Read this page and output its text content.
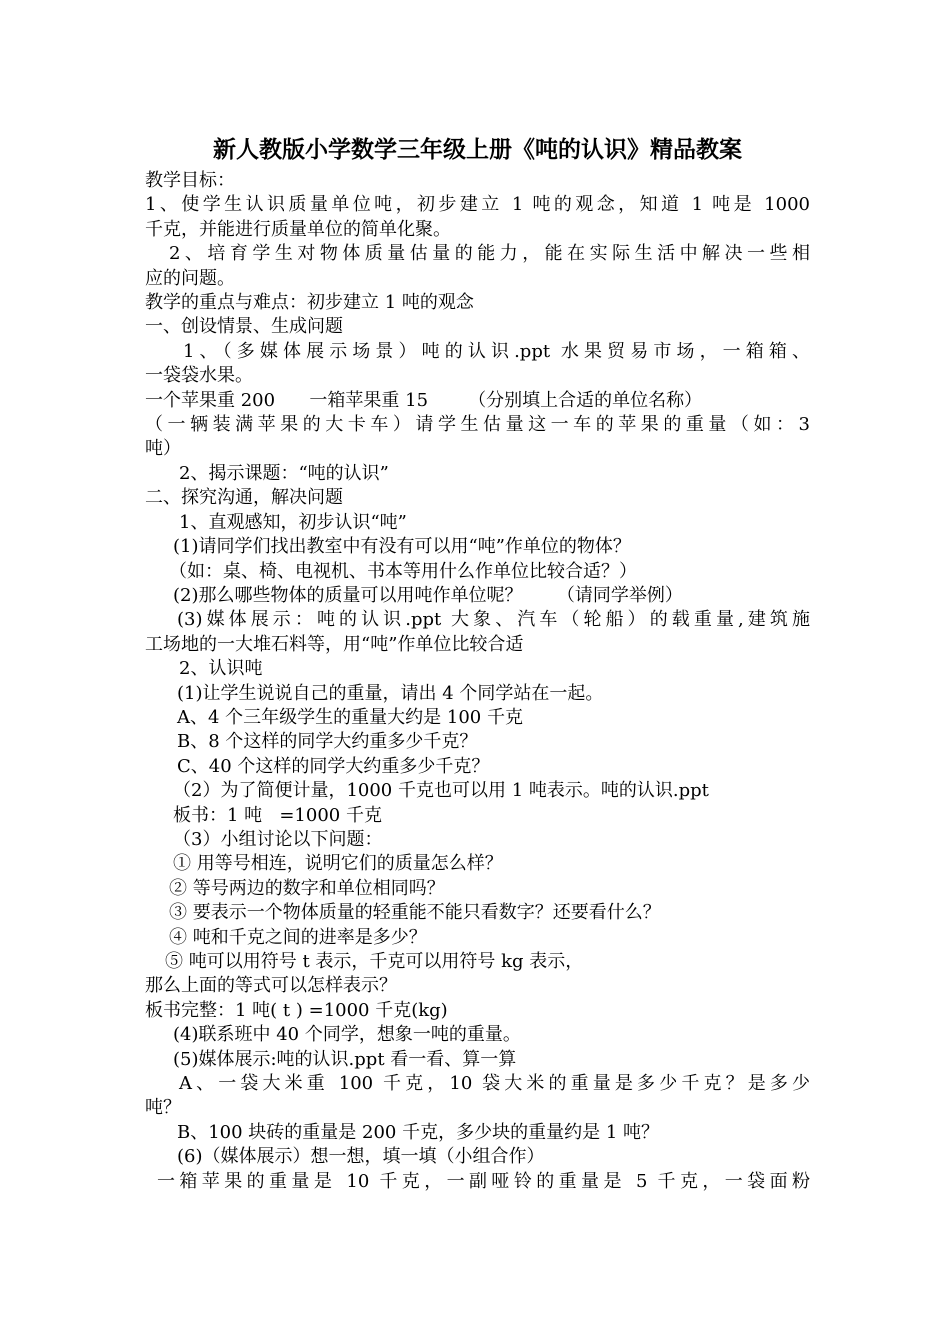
新人教版小学数学三年级上册《吨的认识》精品教案

教学目标：

1、使学生认识质量单位吨，初步建立 1 吨的观念，知道 1 吨是 1000

千克，并能进行质量单位的简单化聚。

2、培育学生对物体质量估量的能力，能在实际生活中解决一些相

应的问题。

教学的重点与难点：初步建立 1 吨的观念

一、创设情景、生成问题

1、（多媒体展示场景）吨的认识.ppt 水果贸易市场，一箱箱、

一袋袋水果。

一个苹果重 200      一箱苹果重 15       （分别填上合适的单位名称）

（一辆装满苹果的大卡车）请学生估量这一车的苹果的重量（如：3

吨）

2、揭示课题：“吨的认识”

二、探究沟通，解决问题

1、直观感知，初步认识“吨”

(1)请同学们找出教室中有没有可以用“吨”作单位的物体？

（如：桌、椅、电视机、书本等用什么作单位比较合适？）

(2)那么哪些物体的质量可以用吨作单位呢？      （请同学举例）

(3)媒体展示：吨的认识.ppt 大象、汽车（轮船）的载重量,建筑施

工场地的一大堆石料等，用“吨”作单位比较合适

2、认识吨

(1)让学生说说自己的重量，请出 4 个同学站在一起。

A、4 个三年级学生的重量大约是 100 千克

B、8 个这样的同学大约重多少千克？

C、40 个这样的同学大约重多少千克？

（2）为了简便计量，1000 千克也可以用 1 吨表示。吨的认识.ppt

板书：1 吨   =1000 千克

（3）小组讨论以下问题：

① 用等号相连，说明它们的质量怎么样？

② 等号两边的数字和单位相同吗？

③ 要表示一个物体质量的轻重能不能只看数字？还要看什么？

④ 吨和千克之间的进率是多少？

⑤ 吨可以用符号 t 表示，千克可以用符号 kg 表示，

那么上面的等式可以怎样表示？

板书完整：1 吨( t ) =1000 千克(kg)

(4)联系班中 40 个同学，想象一吨的重量。

(5)媒体展示:吨的认识.ppt 看一看、算一算

A、一袋大米重 100 千克，10 袋大米的重量是多少千克？是多少

吨？

B、100 块砖的重量是 200 千克，多少块的重量约是 1 吨？

(6)（媒体展示）想一想，填一填（小组合作）

一箱苹果的重量是 10 千克，一副哑铃的重量是 5 千克，一袋面粉
